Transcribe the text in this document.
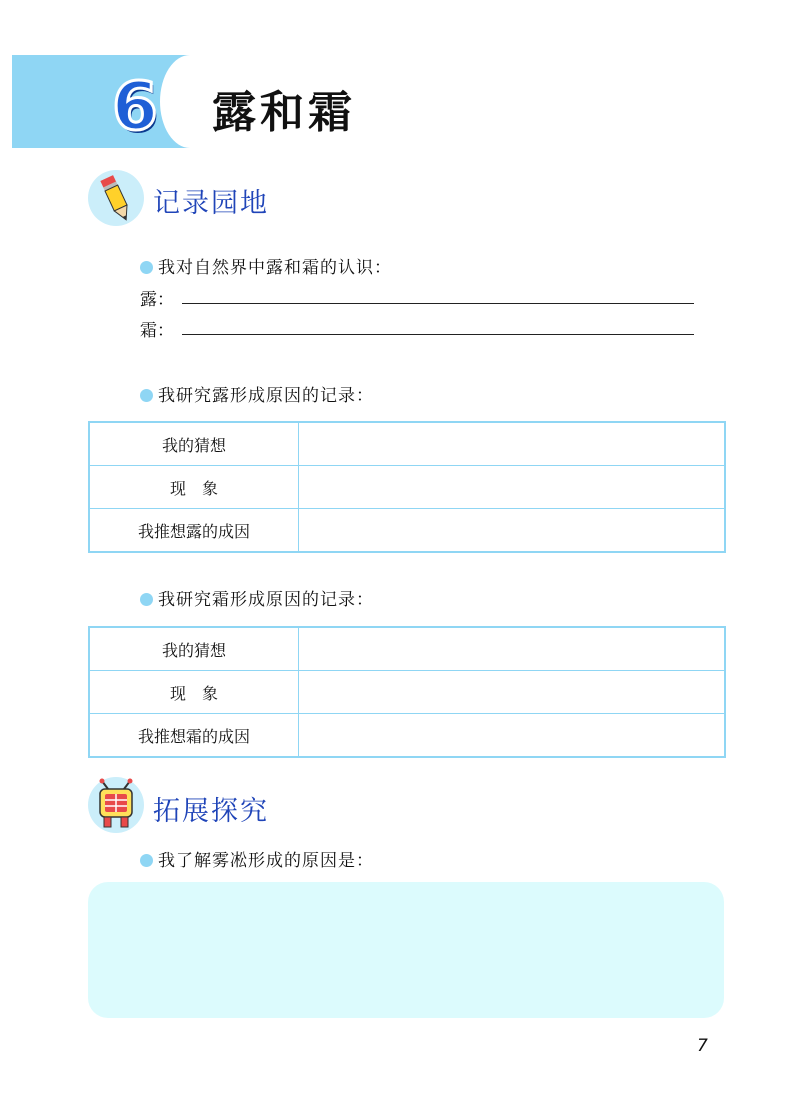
6 露和霜
记录园地
我对自然界中露和霜的认识：
露：
霜：
我研究露形成原因的记录：
我的猜想	
现　象	
我推想露的成因	
我研究霜形成原因的记录：
我的猜想	
现　象	
我推想霜的成因	
拓展探究
我了解雾凇形成的原因是：
7
